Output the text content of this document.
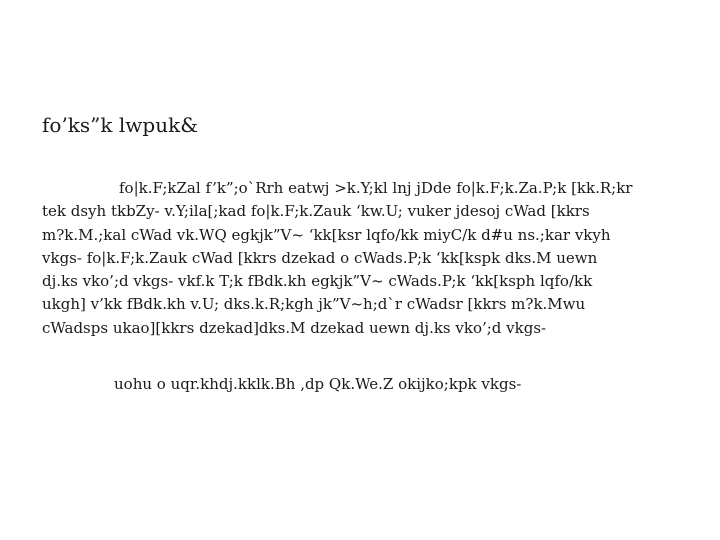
fo’ks”k lwpuk&

fo|k.F;kZal f’k”;o`Rrh eatwj >k.Y;kl lnj jDde fo|k.F;k.Za.P;k [kk.R;kr
tek dsyh tkbZy- v.Y;ila[;kad fo|k.F;k.Zauk ‘kw.U; vuker jdesoj cWad [kkrs
m?k.M.;kal cWad vk.WQ egkjk”V~ ‘kk[ksr lqfo/kk miyC/k d#u ns.;kar vkyh
vkgs- fo|k.F;k.Zauk cWad [kkrs dzekad o cWads.P;k ‘kk[kspk dks.M uewn
dj.ks vko’;d vkgs- vkf.k T;k fBdk.kh egkjk”V~ cWads.P;k ‘kk[ksph lqfo/kk
ukgh] v’kk fBdk.kh v.U; dks.k.R;kgh jk”V~h;d`r cWadsr [kkrs m?k.Mwu
cWadsps ukao][kkrs dzekad]dks.M dzekad uewn dj.ks vko’;d vkgs-

uohu o uqr.khdj.kklk.Bh ,dp Qk.We.Z okijko;kpk vkgs-
